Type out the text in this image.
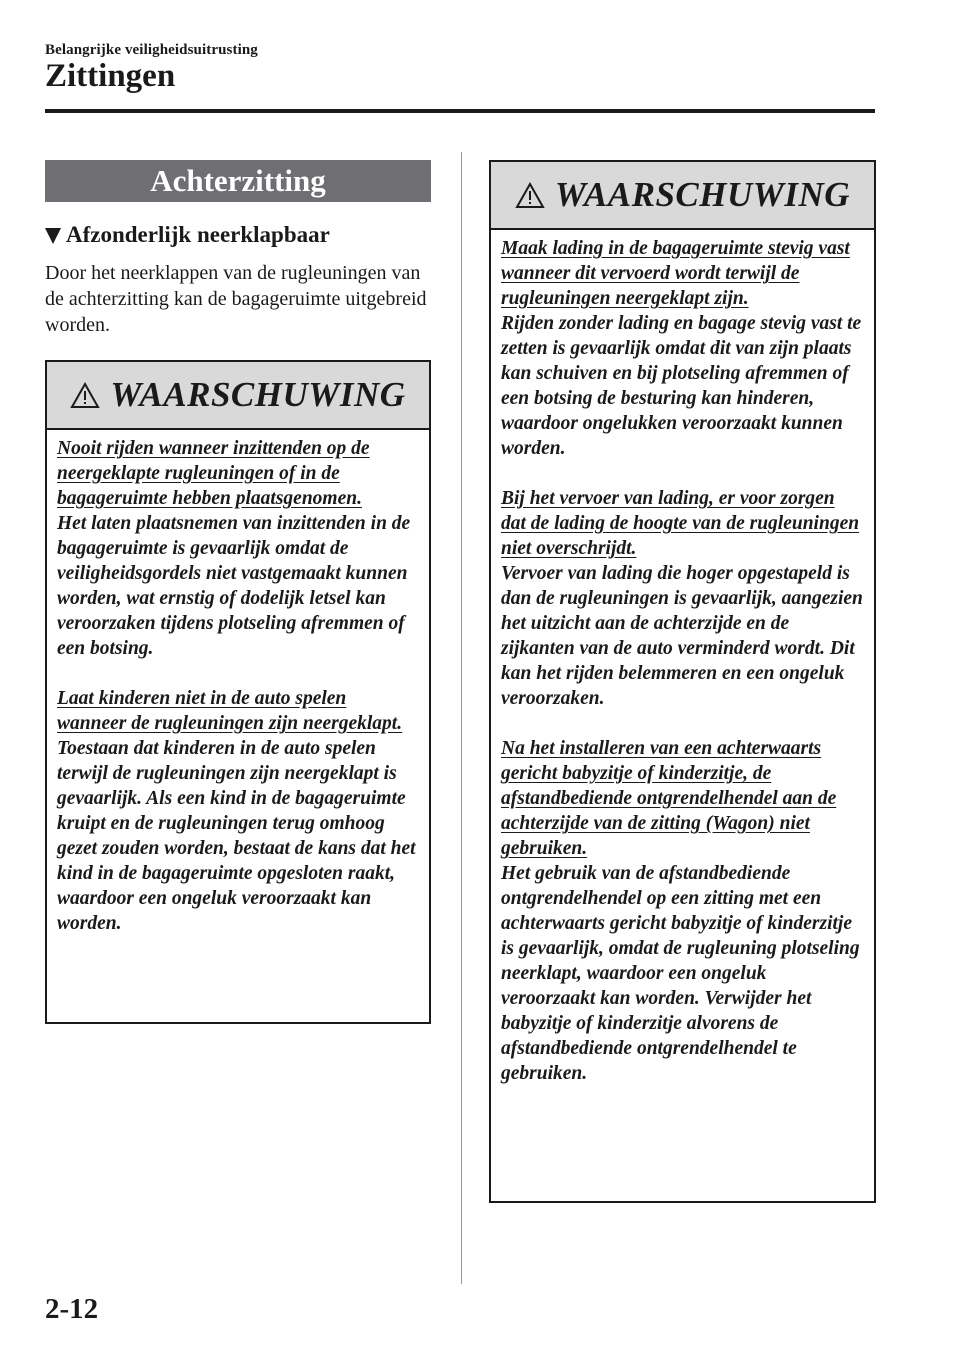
Belangrijke veiligheidsuitrusting
Zittingen
Achterzitting
Afzonderlijk neerklapbaar
Door het neerklappen van de rugleuningen van de achterzitting kan de bagageruimte uitgebreid worden.
WAARSCHUWING

Nooit rijden wanneer inzittenden op de neergeklapte rugleuningen of in de bagageruimte hebben plaatsgenomen.

Het laten plaatsnemen van inzittenden in de bagageruimte is gevaarlijk omdat de veiligheidsgordels niet vastgemaakt kunnen worden, wat ernstig of dodelijk letsel kan veroorzaken tijdens plotseling afremmen of een botsing.

Laat kinderen niet in de auto spelen wanneer de rugleuningen zijn neergeklapt.

Toestaan dat kinderen in de auto spelen terwijl de rugleuningen zijn neergeklapt is gevaarlijk. Als een kind in de bagageruimte kruipt en de rugleuningen terug omhoog gezet zouden worden, bestaat de kans dat het kind in de bagageruimte opgesloten raakt, waardoor een ongeluk veroorzaakt kan worden.

WAARSCHUWING

Maak lading in de bagageruimte stevig vast wanneer dit vervoerd wordt terwijl de rugleuningen neergeklapt zijn.

Rijden zonder lading en bagage stevig vast te zetten is gevaarlijk omdat dit van zijn plaats kan schuiven en bij plotseling afremmen of een botsing de besturing kan hinderen, waardoor ongelukken veroorzaakt kunnen worden.

Bij het vervoer van lading, er voor zorgen dat de lading de hoogte van de rugleuningen niet overschrijdt.

Vervoer van lading die hoger opgestapeld is dan de rugleuningen is gevaarlijk, aangezien het uitzicht aan de achterzijde en de zijkanten van de auto verminderd wordt. Dit kan het rijden belemmeren en een ongeluk veroorzaken.

Na het installeren van een achterwaarts gericht babyzitje of kinderzitje, de afstandbediende ontgrendelhendel aan de achterzijde van de zitting (Wagon) niet gebruiken.

Het gebruik van de afstandbediende ontgrendelhendel op een zitting met een achterwaarts gericht babyzitje of kinderzitje is gevaarlijk, omdat de rugleuning plotseling neerklapt, waardoor een ongeluk veroorzaakt kan worden. Verwijder het babyzitje of kinderzitje alvorens de afstandbediende ontgrendelhendel te gebruiken.

2-12
